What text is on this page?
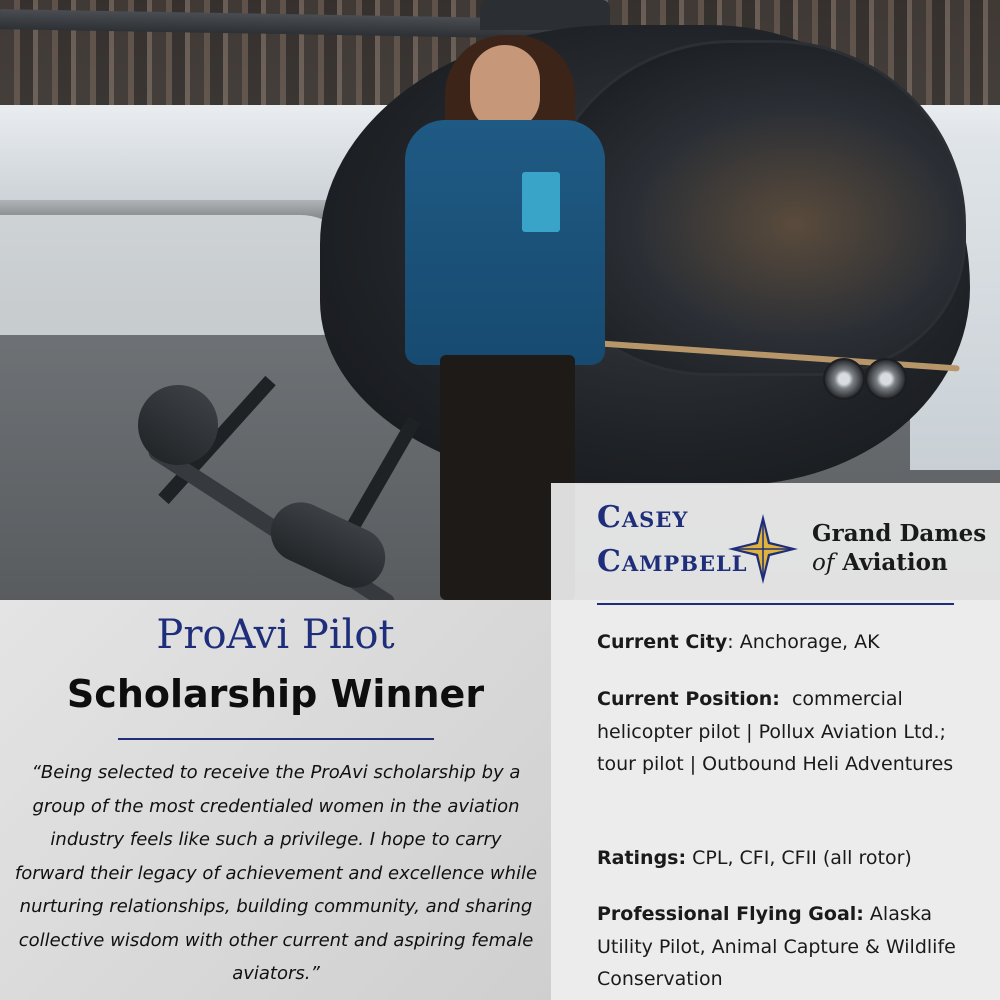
ProAvi Pilot
Scholarship Winner
“Being selected to receive the ProAvi scholarship by a group of the most credentialed women in the aviation industry feels like such a privilege. I hope to carry forward their legacy of achievement and excellence while nurturing relationships, building community, and sharing collective wisdom with other current and aspiring female aviators.”
Casey
Campbell
Grand Dames
of Aviation
Current City: Anchorage, AK
Current Position:  commercial helicopter pilot | Pollux Aviation Ltd.; tour pilot | Outbound Heli Adventures
Ratings: CPL, CFI, CFII (all rotor)
Professional Flying Goal: Alaska Utility Pilot, Animal Capture & Wildlife Conservation
